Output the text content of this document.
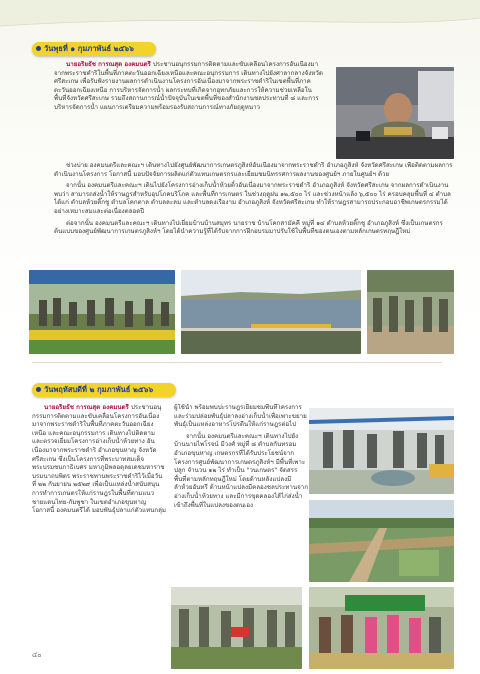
วันพุธที่ ๑ กุมภาพันธ์ ๒๕๖๖

นายอริยธัช การณสุต องคมนตรี ประชานอนุกรรมการติดตามและขับเคลื่อนโครงการอันเนื่องมาจากพระราชดำริในพื้นที่ภาคตะวันออกเฉียงเหนือและคณะอนุกรรมการ เดินทางไปยังศาลากลางจังหวัดศรีสะเกษ เพื่อรับฟังรายงานผลการดำเนินงานโครงการอันเนื่องมาจากพระราชดำริในเขตพื้นที่ภาคตะวันออกเฉียงเหนือ การบริหารจัดการน้ำ ผลกระทบที่เกิดจากอุทกภัยและการให้ความช่วยเหลือในพื้นที่จังหวัดศรีสะเกษ รวมถึงสถานการณ์น้ำปัจจุบันในเขตพื้นที่ของสำนักงานชลประทานที่ ๘ และการบริหารจัดการน้ำ แผนการเตรียมความพร้อมรองรับสถานการณ์ทางภัยฤดูหนาว

ช่วงบ่าย องคมนตรีและคณะฯ เดินทางไปยังศูนย์พัฒนาการเกษตรภูสิงห์อันเนื่องมาจากพระราชดำริ อำเภอภูสิงห์ จังหวัดศรีสะเกษ เพื่อติดตามผลการดำเนินงานโครงการ โอกาสนี้ มอบปัจจัยการผลิตแก่ตัวแทนเกษตรกรและเยี่ยมชมนิทรรศการผลงานของศูนย์ฯ ภายในศูนย์ฯ ด้วย

จากนั้น องคมนตรีและคณะฯ เดินไปยังโครงการอ่างเก็บน้ำห้วยติ้วอันเนื่องมาจากพระราชดำริ อำเภอภูสิงห์ จังหวัดศรีสะเกษ จากผลการดำเนินงานพบว่า สามารถส่งน้ำให้ราษฎรสำหรับอุปโภคบริโภค และพื้นที่การเกษตร ในช่วงฤดูฝน ๑๒,๕๐๐ ไร่ และช่วงหน้าแล้ง ๖,๕๐๐ ไร่ ครอบคลุมพื้นที่ ๔ ตำบล ได้แก่ ตำบลห้วยติ๊กชู ตำบลโคกตาล ตำบลละลม และตำบลดงเรืองาม อำเภอภูสิงห์ จังหวัดศรีสะเกษ ทำให้ราษฎรสามารถประกอบอาชีพเกษตรกรรมได้อย่างเหมาะสมและต่อเนื่องตลอดปี

ต่อจากนั้น องคมนตรีและคณะฯ เดินทางไปเยี่ยมบ้านบ้านสมุทร นายราช บ้านโคกสามัคคี หมู่ที่ ๑๔ ตำบลห้วยติ๊กชู อำเภอภูสิงห์ ซึ่งเป็นเกษตรกรต้นแบบของศูนย์พัฒนาการเกษตรภูสิงห์ฯ โดยได้นำความรู้ที่ได้รับจากการฝึกอบรมมาปรับใช้ในพื้นที่ของตนเองตามหลักเกษตรทฤษฎีใหม่

วันพฤหัสบดีที่ ๒ กุมภาพันธ์ ๒๕๖๖

นายอริยธัช การณสุต องคมนตรี ประชานอนุกรรมการติดตามและขับเคลื่อนโครงการอันเนื่องมาจากพระราชดำริในพื้นที่ภาคตะวันออกเฉียงเหนือ และคณะอนุกรรมการ เดินทางไปติดตามและตรวจเยี่ยมโครงการอ่างเก็บน้ำห้วยทาง อันเนื่องมาจากพระราชดำริ อำเภอขุนหาญ จังหวัดศรีสะเกษ ซึ่งเป็นโครงการที่พระบาทสมเด็จพระบรมชนกาธิเบศร มหาภูมิพลอดุลยเดชมหาราช บรมนาถบพิตร พระราชทานพระราชดำริไว้เมื่อวันที่ ๒๒ กันยายน ๒๕๒๙ เพื่อเป็นแหล่งน้ำสนับสนุนการทำการเกษตรให้แก่ราษฎรในพื้นที่ตามแนวชายแดนไทย-กัมพูชา ในเขตอำเภอขุนหาญ โอกาสนี้ องคมนตรีได้ มอบพันธุ์ปลาแก่ตัวแทนกลุ่มผู้ใช้น้ำ พร้อมพบปะราษฎรเยี่ยมชมพื้นที่โครงการ และร่วมปล่อยพันธุ์ปลาลงอ่างเก็บน้ำเพื่อเพาะขยายพันธุ์เป็นแหล่งอาหารโปรตีนให้แก่ราษฎรต่อไป

จากนั้น องคมนตรีและคณะฯ เดินทางไปยังบ้านนายไพโรจน์ มีวงศ์ หมู่ที่ ๘ ตำบลกันทรอม อำเภอขุนหาญ เกษตรกรที่ได้รับประโยชน์จากโครงการศูนย์พัฒนาการเกษตรภูสิงห์ฯ มีพื้นที่เพาะปลูก จำนวน ๑๒ ไร่ ทำเป็น "วนเกษตร" จัดสรรพื้นที่ตามหลักทฤษฎีใหม่ โดยด้านหลังแปลงมีลำห้วยอันทรี ด้านหน้าแปลงมีคลองชลประทานจากอ่างเก็บน้ำห้วยทาง และมีการขุดคลองไส้ไก่ส่งน้ำเข้าถึงพื้นที่ในแปลงของตนเอง

๔๐
